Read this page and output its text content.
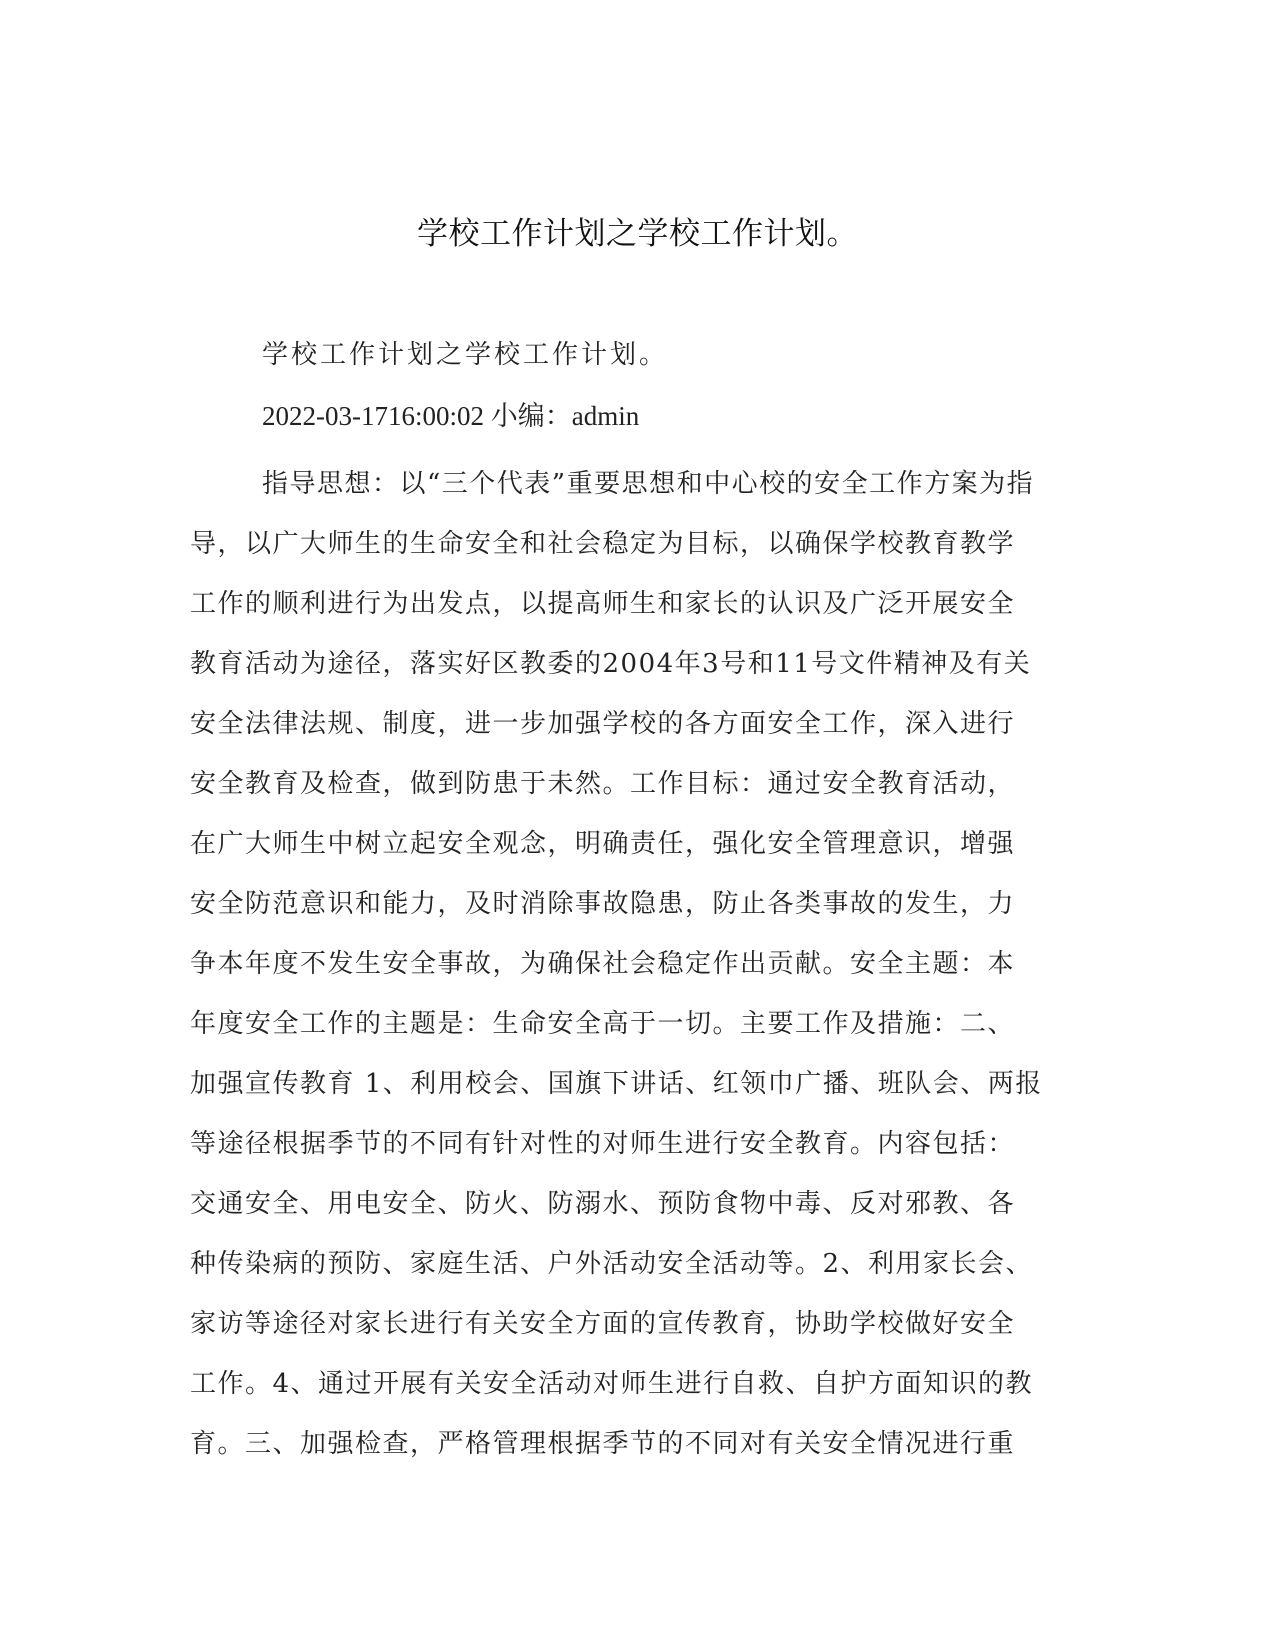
学校工作计划之学校工作计划。
学校工作计划之学校工作计划。
2022-03-1716:00:02 小编：admin
指导思想：以“三个代表”重要思想和中心校的安全工作方案为指
导，以广大师生的生命安全和社会稳定为目标，以确保学校教育教学
工作的顺利进行为出发点，以提高师生和家长的认识及广泛开展安全
教育活动为途径，落实好区教委的2004年3号和11号文件精神及有关
安全法律法规、制度，进一步加强学校的各方面安全工作，深入进行
安全教育及检查，做到防患于未然。工作目标：通过安全教育活动，
在广大师生中树立起安全观念，明确责任，强化安全管理意识，增强
安全防范意识和能力，及时消除事故隐患，防止各类事故的发生，力
争本年度不发生安全事故，为确保社会稳定作出贡献。安全主题：本
年度安全工作的主题是：生命安全高于一切。主要工作及措施：二、
加强宣传教育 1、利用校会、国旗下讲话、红领巾广播、班队会、两报
等途径根据季节的不同有针对性的对师生进行安全教育。内容包括：
交通安全、用电安全、防火、防溺水、预防食物中毒、反对邪教、各
种传染病的预防、家庭生活、户外活动安全活动等。2、利用家长会、
家访等途径对家长进行有关安全方面的宣传教育，协助学校做好安全
工作。4、通过开展有关安全活动对师生进行自救、自护方面知识的教
育。三、加强检查，严格管理根据季节的不同对有关安全情况进行重
